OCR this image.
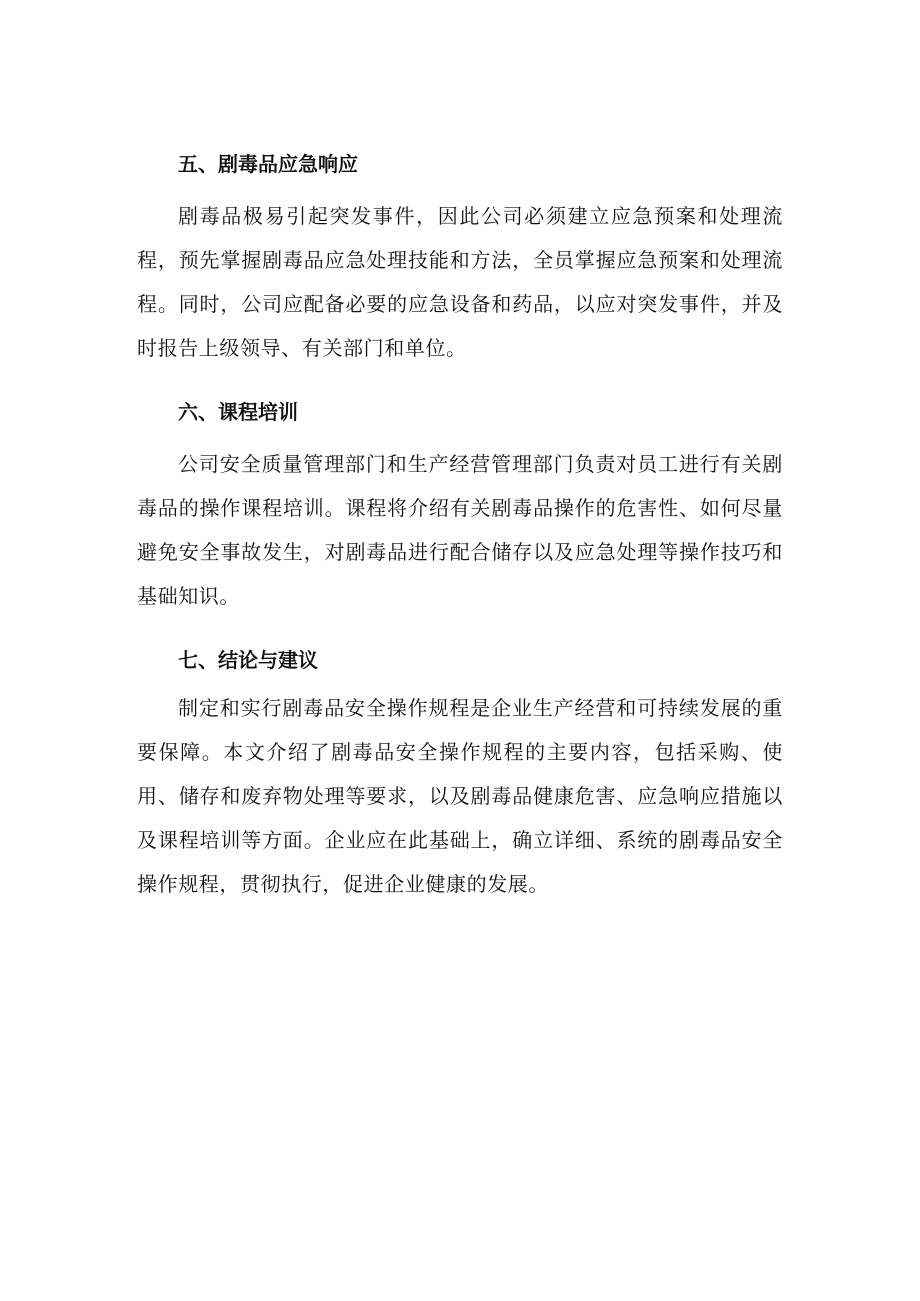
五、剧毒品应急响应

剧毒品极易引起突发事件，因此公司必须建立应急预案和处理流程，预先掌握剧毒品应急处理技能和方法，全员掌握应急预案和处理流程。同时，公司应配备必要的应急设备和药品，以应对突发事件，并及时报告上级领导、有关部门和单位。

六、课程培训

公司安全质量管理部门和生产经营管理部门负责对员工进行有关剧毒品的操作课程培训。课程将介绍有关剧毒品操作的危害性、如何尽量避免安全事故发生，对剧毒品进行配合储存以及应急处理等操作技巧和基础知识。

七、结论与建议

制定和实行剧毒品安全操作规程是企业生产经营和可持续发展的重要保障。本文介绍了剧毒品安全操作规程的主要内容，包括采购、使用、储存和废弃物处理等要求，以及剧毒品健康危害、应急响应措施以及课程培训等方面。企业应在此基础上，确立详细、系统的剧毒品安全操作规程，贯彻执行，促进企业健康的发展。
